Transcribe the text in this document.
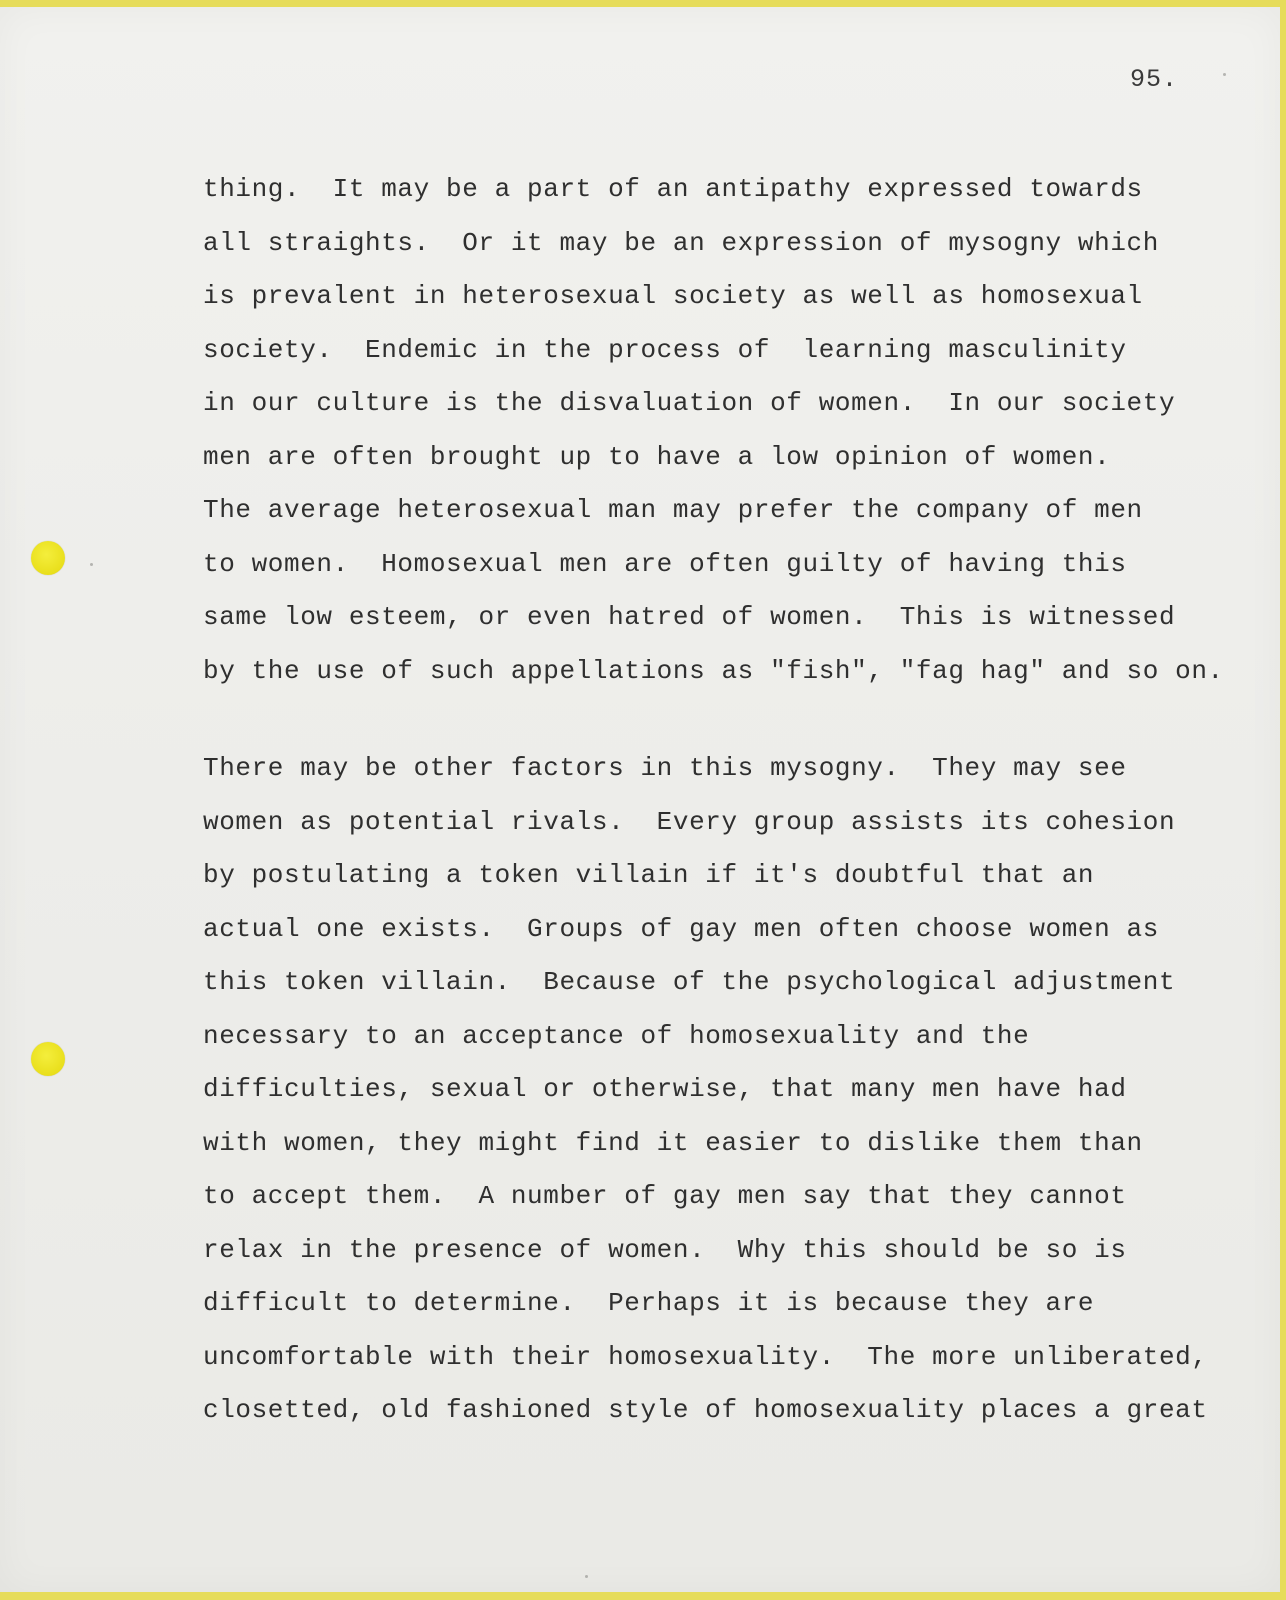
95.

thing.  It may be a part of an antipathy expressed towards
all straights.  Or it may be an expression of mysogny which
is prevalent in heterosexual society as well as homosexual
society.  Endemic in the process of  learning masculinity
in our culture is the disvaluation of women.  In our society
men are often brought up to have a low opinion of women.
The average heterosexual man may prefer the company of men
to women.  Homosexual men are often guilty of having this
same low esteem, or even hatred of women.  This is witnessed
by the use of such appellations as "fish", "fag hag" and so on.
There may be other factors in this mysogny.  They may see
women as potential rivals.  Every group assists its cohesion
by postulating a token villain if it's doubtful that an
actual one exists.  Groups of gay men often choose women as
this token villain.  Because of the psychological adjustment
necessary to an acceptance of homosexuality and the
difficulties, sexual or otherwise, that many men have had
with women, they might find it easier to dislike them than
to accept them.  A number of gay men say that they cannot
relax in the presence of women.  Why this should be so is
difficult to determine.  Perhaps it is because they are
uncomfortable with their homosexuality.  The more unliberated,
closetted, old fashioned style of homosexuality places a great
